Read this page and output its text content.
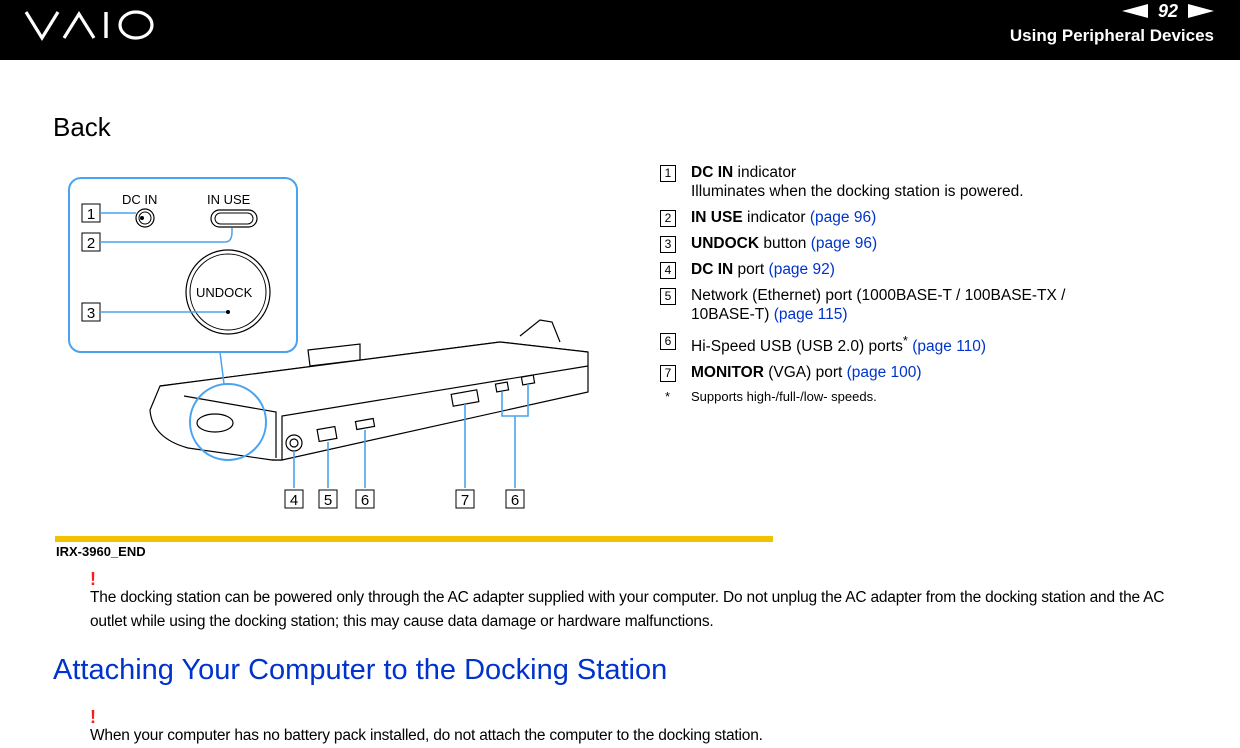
92
Using Peripheral Devices
Back
1
2
3
DC IN	IN USE
UNDOCK
4 5 6	7	6
1	DC IN indicator
Illuminates when the docking station is powered.
2	IN USE indicator (page 96)
3	UNDOCK button (page 96)
4	DC IN port (page 92)
5	Network (Ethernet) port (1000BASE-T / 100BASE-TX / 10BASE-T) (page 115)
6	Hi-Speed USB (USB 2.0) ports* (page 110)
7	MONITOR (VGA) port (page 100)
* Supports high-/full-/low- speeds.
IRX-3960_END
!
The docking station can be powered only through the AC adapter supplied with your computer. Do not unplug the AC adapter from the docking station and the AC outlet while using the docking station; this may cause data damage or hardware malfunctions.
Attaching Your Computer to the Docking Station
!
When your computer has no battery pack installed, do not attach the computer to the docking station.
